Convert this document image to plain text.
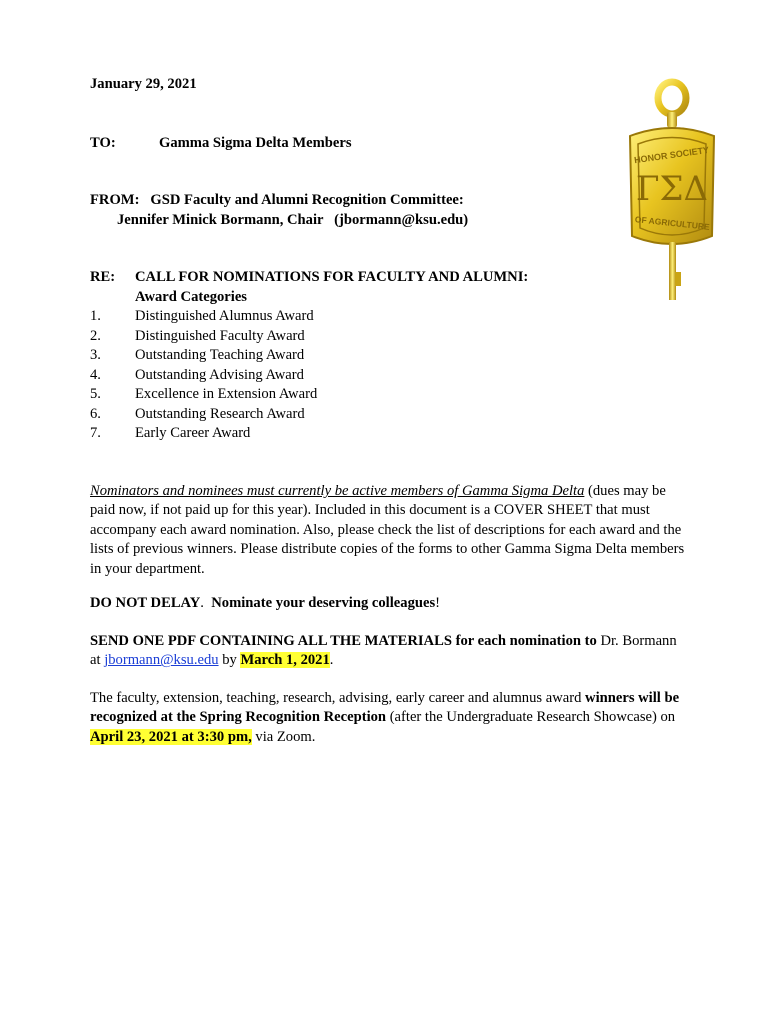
January 29, 2021
TO:	Gamma Sigma Delta Members
FROM: GSD Faculty and Alumni Recognition Committee:
Jennifer Minick Bormann, Chair   (jbormann@ksu.edu)
RE: CALL FOR NOMINATIONS FOR FACULTY AND ALUMNI:
Award Categories
1. Distinguished Alumnus Award
2. Distinguished Faculty Award
3. Outstanding Teaching Award
4. Outstanding Advising Award
5. Excellence in Extension Award
6. Outstanding Research Award
7. Early Career Award
Nominators and nominees must currently be active members of Gamma Sigma Delta (dues may be paid now, if not paid up for this year). Included in this document is a COVER SHEET that must accompany each award nomination. Also, please check the list of descriptions for each award and the lists of previous winners. Please distribute copies of the forms to other Gamma Sigma Delta members in your department.
DO NOT DELAY.  Nominate your deserving colleagues!
SEND ONE PDF CONTAINING ALL THE MATERIALS for each nomination to Dr. Bormann at jbormann@ksu.edu by March 1, 2021.
The faculty, extension, teaching, research, advising, early career and alumnus award winners will be recognized at the Spring Recognition Reception (after the Undergraduate Research Showcase) on April 23, 2021 at 3:30 pm, via Zoom.
HONOR SOCIETY
ΓΣΔ
OF AGRICULTURE
